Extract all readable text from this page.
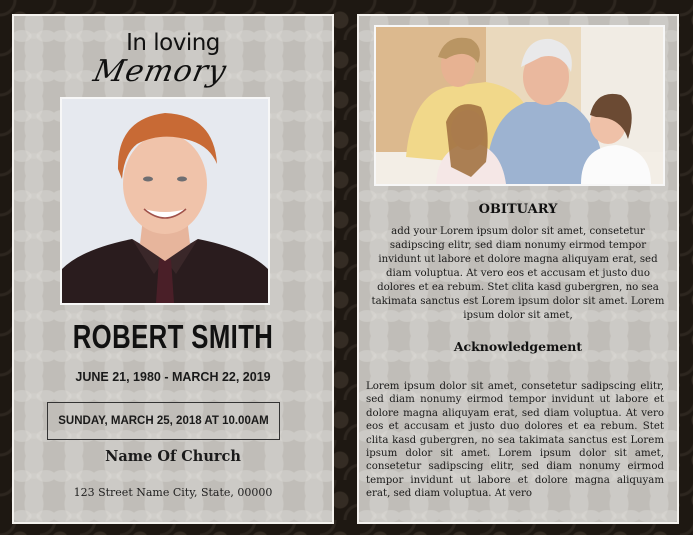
In loving
Memory
ROBERT SMITH
JUNE 21, 1980 - MARCH 22, 2019
SUNDAY, MARCH 25, 2018 AT 10.00AM
Name Of Church
123 Street Name City, State, 00000
OBITUARY
add your Lorem ipsum dolor sit amet, consetetur sadipscing elitr, sed diam nonumy eirmod tempor invidunt ut labore et dolore magna aliquyam erat, sed diam voluptua. At vero eos et accusam et justo duo dolores et ea rebum. Stet clita kasd gubergren, no sea takimata sanctus est Lorem ipsum dolor sit amet. Lorem ipsum dolor sit amet,
Acknowledgement
Lorem ipsum dolor sit amet, consetetur sadipscing elitr, sed diam nonumy eirmod tempor invidunt ut labore et dolore magna aliquyam erat, sed diam voluptua. At vero eos et accusam et justo duo dolores et ea rebum. Stet clita kasd gubergren, no sea takimata sanctus est Lorem ipsum dolor sit amet. Lorem ipsum dolor sit amet, consetetur sadipscing elitr, sed diam nonumy eirmod tempor invidunt ut labore et dolore magna aliquyam erat, sed diam voluptua. At vero
